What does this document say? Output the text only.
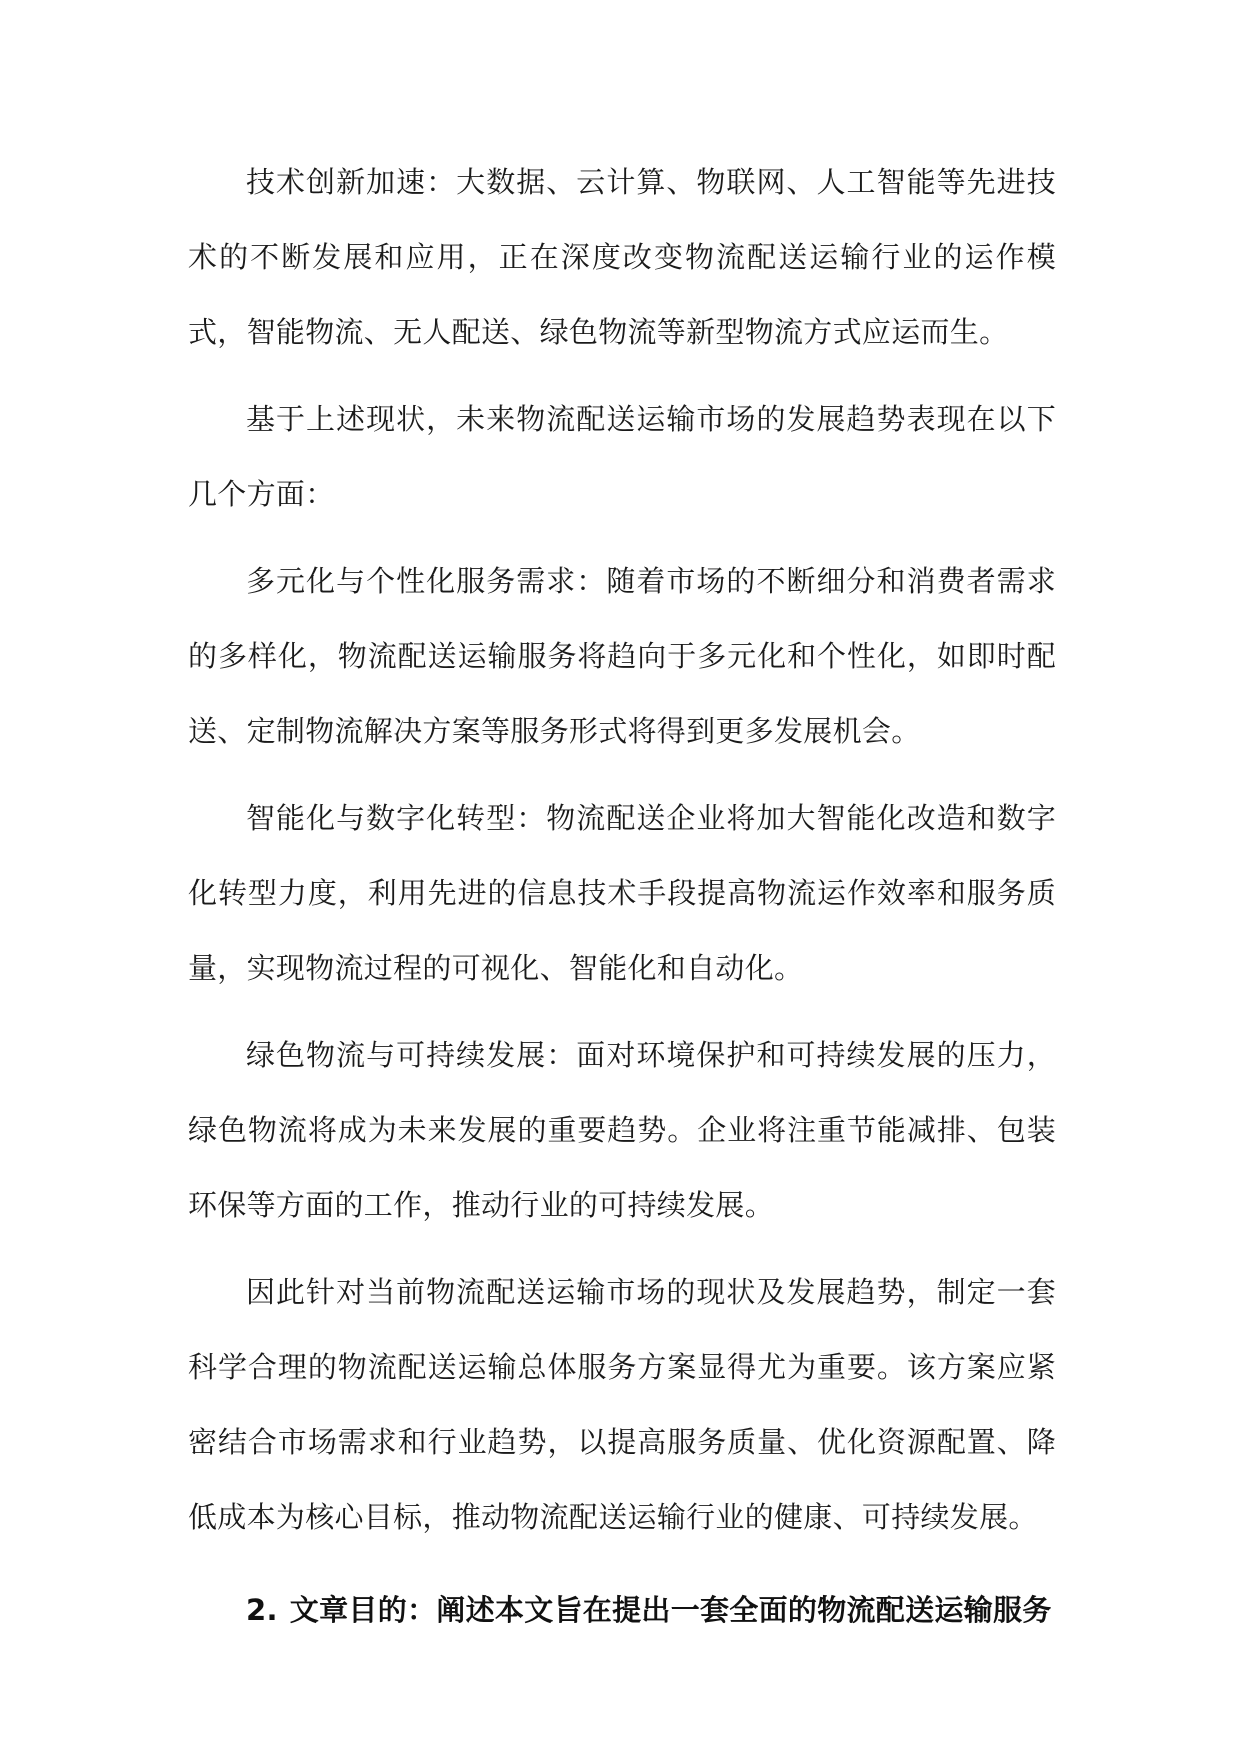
技术创新加速：大数据、云计算、物联网、人工智能等先进技术的不断发展和应用，正在深度改变物流配送运输行业的运作模式，智能物流、无人配送、绿色物流等新型物流方式应运而生。

基于上述现状，未来物流配送运输市场的发展趋势表现在以下几个方面：

多元化与个性化服务需求：随着市场的不断细分和消费者需求的多样化，物流配送运输服务将趋向于多元化和个性化，如即时配送、定制物流解决方案等服务形式将得到更多发展机会。

智能化与数字化转型：物流配送企业将加大智能化改造和数字化转型力度，利用先进的信息技术手段提高物流运作效率和服务质量，实现物流过程的可视化、智能化和自动化。

绿色物流与可持续发展：面对环境保护和可持续发展的压力，绿色物流将成为未来发展的重要趋势。企业将注重节能减排、包装环保等方面的工作，推动行业的可持续发展。

因此针对当前物流配送运输市场的现状及发展趋势，制定一套科学合理的物流配送运输总体服务方案显得尤为重要。该方案应紧密结合市场需求和行业趋势，以提高服务质量、优化资源配置、降低成本为核心目标，推动物流配送运输行业的健康、可持续发展。

2. 文章目的：阐述本文旨在提出一套全面的物流配送运输服务
